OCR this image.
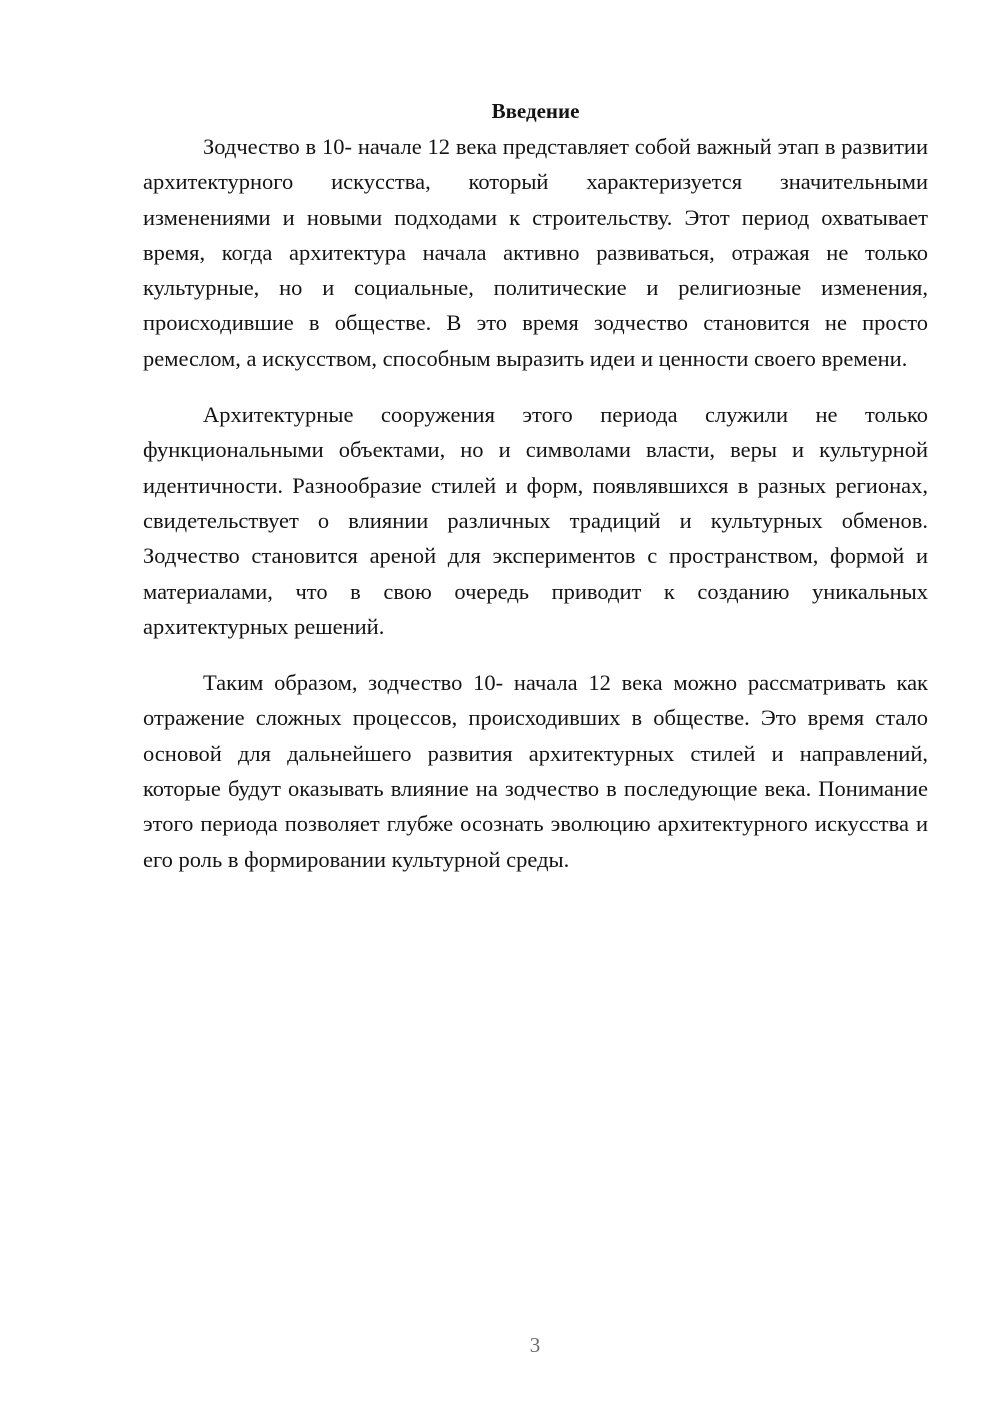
Введение

Зодчество в 10- начале 12 века представляет собой важный этап в развитии архитектурного искусства, который характеризуется значительными изменениями и новыми подходами к строительству. Этот период охватывает время, когда архитектура начала активно развиваться, отражая не только культурные, но и социальные, политические и религиозные изменения, происходившие в обществе. В это время зодчество становится не просто ремеслом, а искусством, способным выразить идеи и ценности своего времени.

Архитектурные сооружения этого периода служили не только функциональными объектами, но и символами власти, веры и культурной идентичности. Разнообразие стилей и форм, появлявшихся в разных регионах, свидетельствует о влиянии различных традиций и культурных обменов. Зодчество становится ареной для экспериментов с пространством, формой и материалами, что в свою очередь приводит к созданию уникальных архитектурных решений.

Таким образом, зодчество 10- начала 12 века можно рассматривать как отражение сложных процессов, происходивших в обществе. Это время стало основой для дальнейшего развития архитектурных стилей и направлений, которые будут оказывать влияние на зодчество в последующие века. Понимание этого периода позволяет глубже осознать эволюцию архитектурного искусства и его роль в формировании культурной среды.

3
